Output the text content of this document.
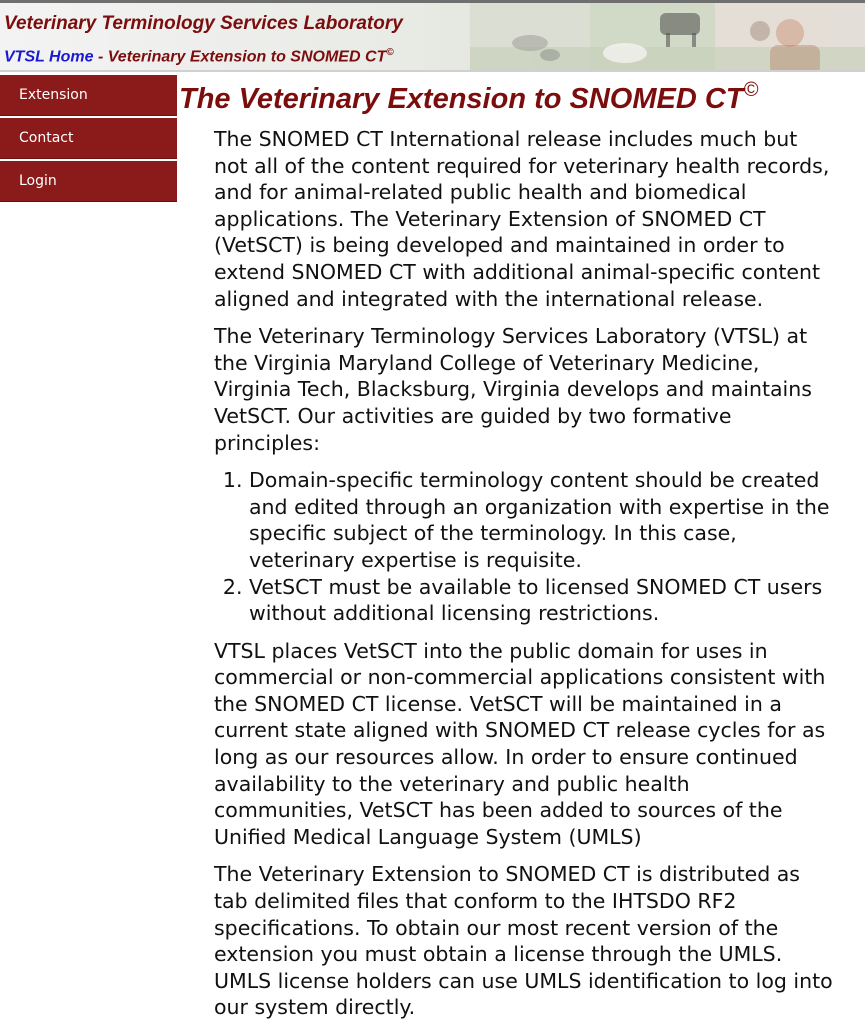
Veterinary Terminology Services Laboratory
VTSL Home - Veterinary Extension to SNOMED CT©
Extension
Contact
Login
The Veterinary Extension to SNOMED CT©

The SNOMED CT International release includes much but not all of the content required for veterinary health records, and for animal-related public health and biomedical applications. The Veterinary Extension of SNOMED CT (VetSCT) is being developed and maintained in order to extend SNOMED CT with additional animal-specific content aligned and integrated with the international release.

The Veterinary Terminology Services Laboratory (VTSL) at the Virginia Maryland College of Veterinary Medicine, Virginia Tech, Blacksburg, Virginia develops and maintains VetSCT. Our activities are guided by two formative principles:

1. Domain-specific terminology content should be created and edited through an organization with expertise in the specific subject of the terminology. In this case, veterinary expertise is requisite.
2. VetSCT must be available to licensed SNOMED CT users without additional licensing restrictions.

VTSL places VetSCT into the public domain for uses in commercial or non-commercial applications consistent with the SNOMED CT license. VetSCT will be maintained in a current state aligned with SNOMED CT release cycles for as long as our resources allow. In order to ensure continued availability to the veterinary and public health communities, VetSCT has been added to sources of the Unified Medical Language System (UMLS)

The Veterinary Extension to SNOMED CT is distributed as tab delimited files that conform to the IHTSDO RF2 specifications. To obtain our most recent version of the extension you must obtain a license through the UMLS. UMLS license holders can use UMLS identification to log into our system directly.
